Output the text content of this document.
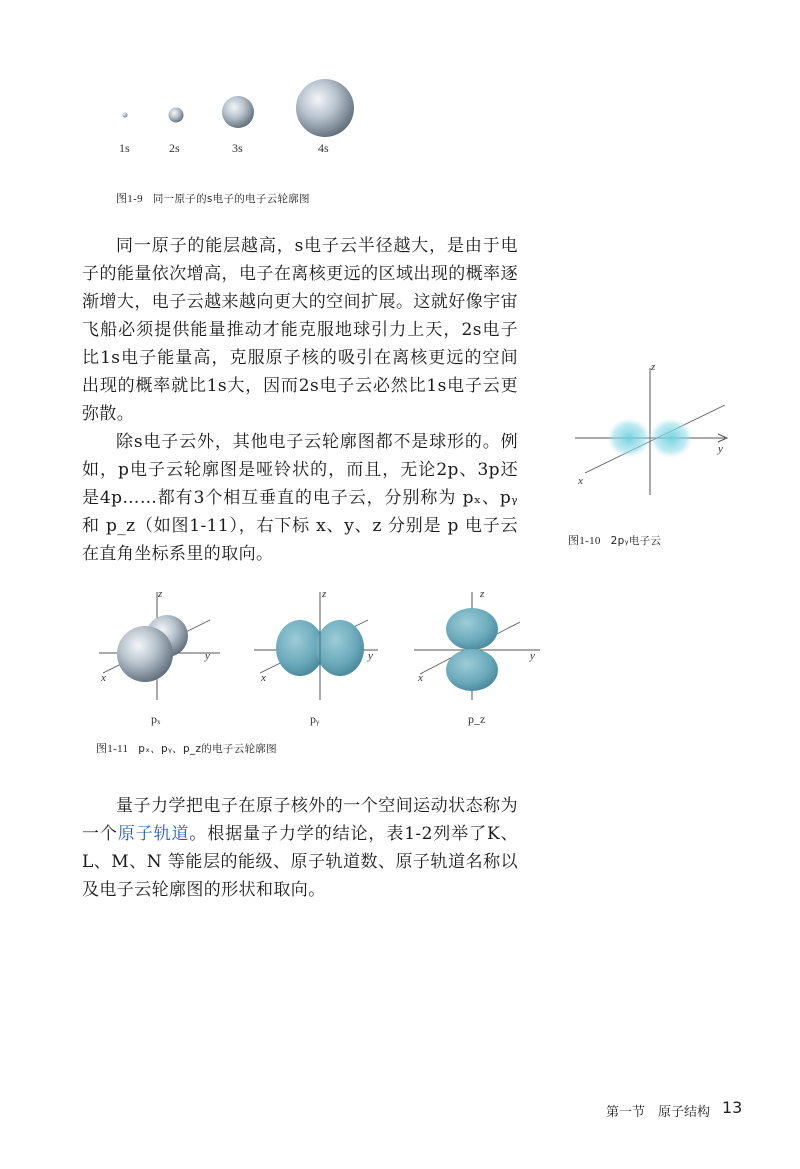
1s	2s	3s	4s
图1-9 同一原子的s电子的电子云轮廓图

同一原子的能层越高，s电子云半径越大，是由于电子的能量依次增高，电子在离核更远的区域出现的概率逐渐增大，电子云越来越向更大的空间扩展。这就好像宇宙飞船必须提供能量推动才能克服地球引力上天，2s电子比1s电子能量高，克服原子核的吸引在离核更远的空间出现的概率就比1s大，因而2s电子云必然比1s电子云更弥散。

除s电子云外，其他电子云轮廓图都不是球形的。例如，p电子云轮廓图是哑铃状的，而且，无论2p、3p还是4p……都有3个相互垂直的电子云，分别称为 pₓ、pᵧ 和 p_z（如图1-11），右下标 x、y、z 分别是 p 电子云在直角坐标系里的取向。

z
y
x
图1-10 2pᵧ电子云
z
y
x
pₓ
z
y
x
pᵧ
z
y
x
p_z
图1-11 pₓ、pᵧ、p_z的电子云轮廓图

量子力学把电子在原子核外的一个空间运动状态称为一个原子轨道。根据量子力学的结论，表1-2列举了K、L、M、N 等能层的能级、原子轨道数、原子轨道名称以及电子云轮廓图的形状和取向。

第一节　原子结构 13
